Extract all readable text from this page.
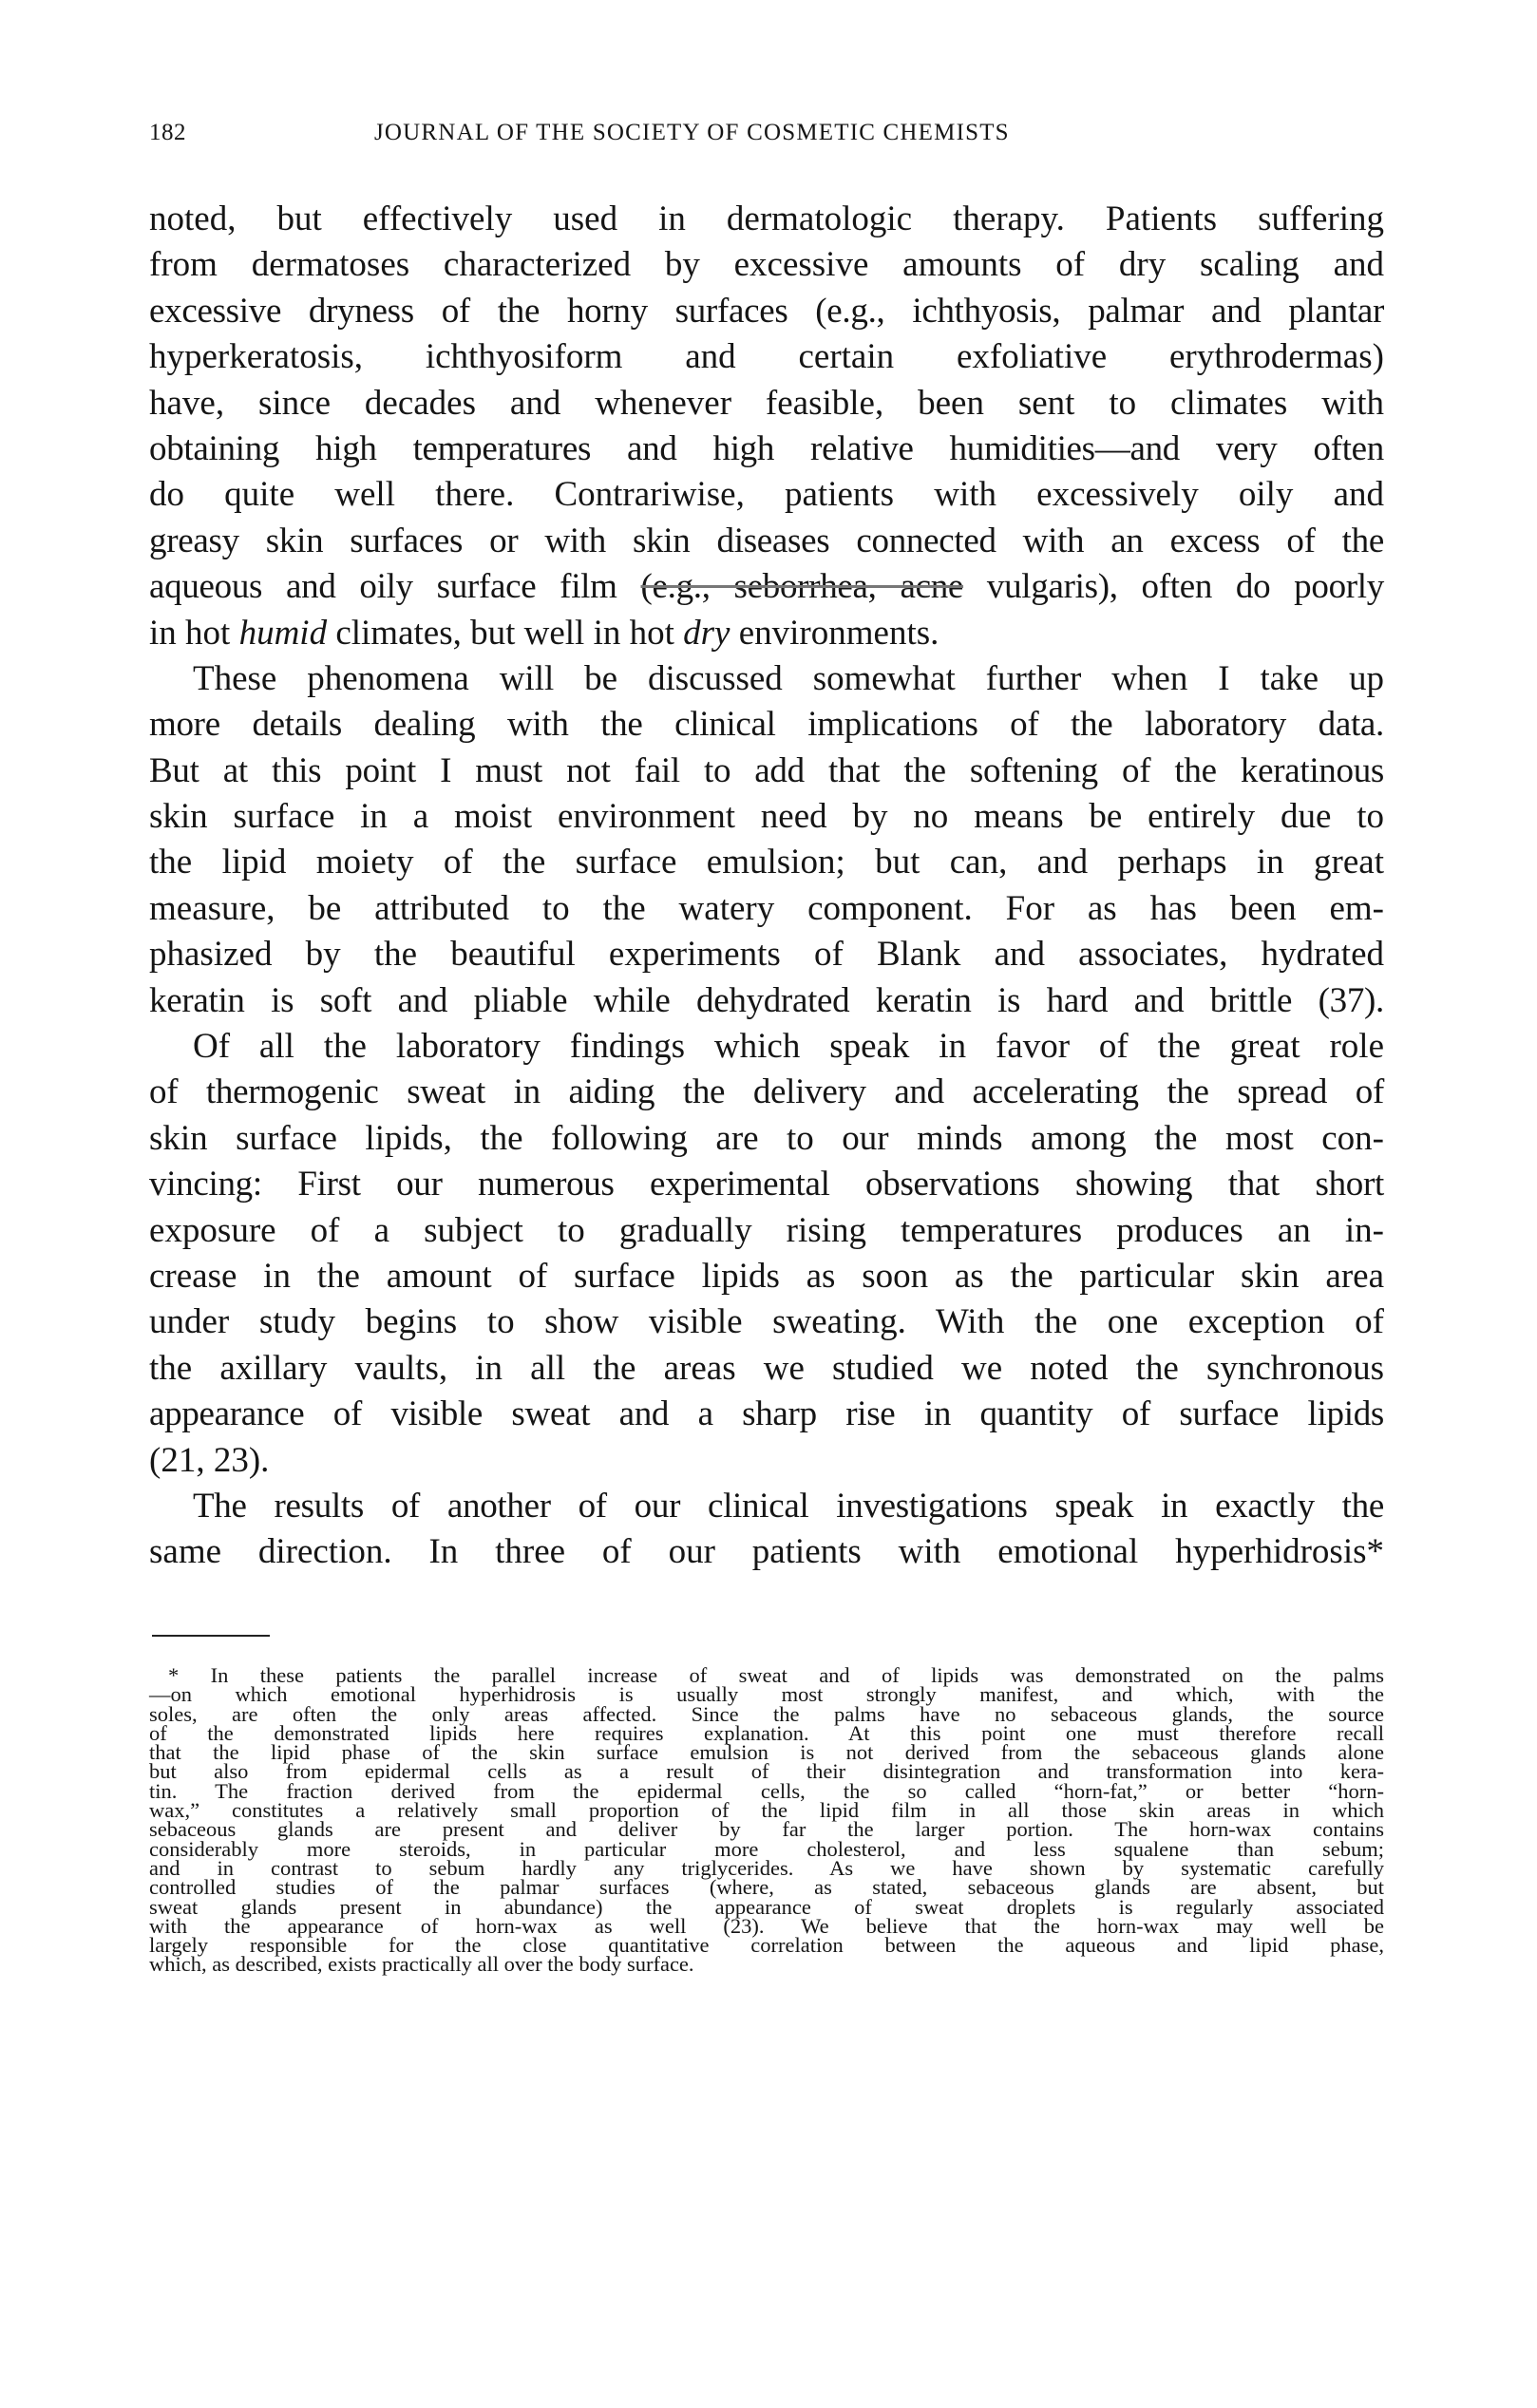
182	JOURNAL OF THE SOCIETY OF COSMETIC CHEMISTS
noted, but effectively used in dermatologic therapy. Patients suffering
from dermatoses characterized by excessive amounts of dry scaling and
excessive dryness of the horny surfaces (e.g., ichthyosis, palmar and plantar
hyperkeratosis, ichthyosiform and certain exfoliative erythrodermas)
have, since decades and whenever feasible, been sent to climates with
obtaining high temperatures and high relative humidities—and very often
do quite well there. Contrariwise, patients with excessively oily and
greasy skin surfaces or with skin diseases connected with an excess of the
aqueous and oily surface film (e.g., seborrhea, acne vulgaris), often do poorly
in hot humid climates, but well in hot dry environments.
These phenomena will be discussed somewhat further when I take up
more details dealing with the clinical implications of the laboratory data.
But at this point I must not fail to add that the softening of the keratinous
skin surface in a moist environment need by no means be entirely due to
the lipid moiety of the surface emulsion; but can, and perhaps in great
measure, be attributed to the watery component. For as has been em-
phasized by the beautiful experiments of Blank and associates, hydrated
keratin is soft and pliable while dehydrated keratin is hard and brittle (37).
Of all the laboratory findings which speak in favor of the great role
of thermogenic sweat in aiding the delivery and accelerating the spread of
skin surface lipids, the following are to our minds among the most con-
vincing: First our numerous experimental observations showing that short
exposure of a subject to gradually rising temperatures produces an in-
crease in the amount of surface lipids as soon as the particular skin area
under study begins to show visible sweating. With the one exception of
the axillary vaults, in all the areas we studied we noted the synchronous
appearance of visible sweat and a sharp rise in quantity of surface lipids
(21, 23).
The results of another of our clinical investigations speak in exactly the
same direction. In three of our patients with emotional hyperhidrosis*
* In these patients the parallel increase of sweat and of lipids was demonstrated on the palms
—on which emotional hyperhidrosis is usually most strongly manifest, and which, with the
soles, are often the only areas affected. Since the palms have no sebaceous glands, the source
of the demonstrated lipids here requires explanation. At this point one must therefore recall
that the lipid phase of the skin surface emulsion is not derived from the sebaceous glands alone
but also from epidermal cells as a result of their disintegration and transformation into kera-
tin. The fraction derived from the epidermal cells, the so called “horn-fat,” or better “horn-
wax,” constitutes a relatively small proportion of the lipid film in all those skin areas in which
sebaceous glands are present and deliver by far the larger portion. The horn-wax contains
considerably more steroids, in particular more cholesterol, and less squalene than sebum;
and in contrast to sebum hardly any triglycerides. As we have shown by systematic carefully
controlled studies of the palmar surfaces (where, as stated, sebaceous glands are absent, but
sweat glands present in abundance) the appearance of sweat droplets is regularly associated
with the appearance of horn-wax as well (23). We believe that the horn-wax may well be
largely responsible for the close quantitative correlation between the aqueous and lipid phase,
which, as described, exists practically all over the body surface.
